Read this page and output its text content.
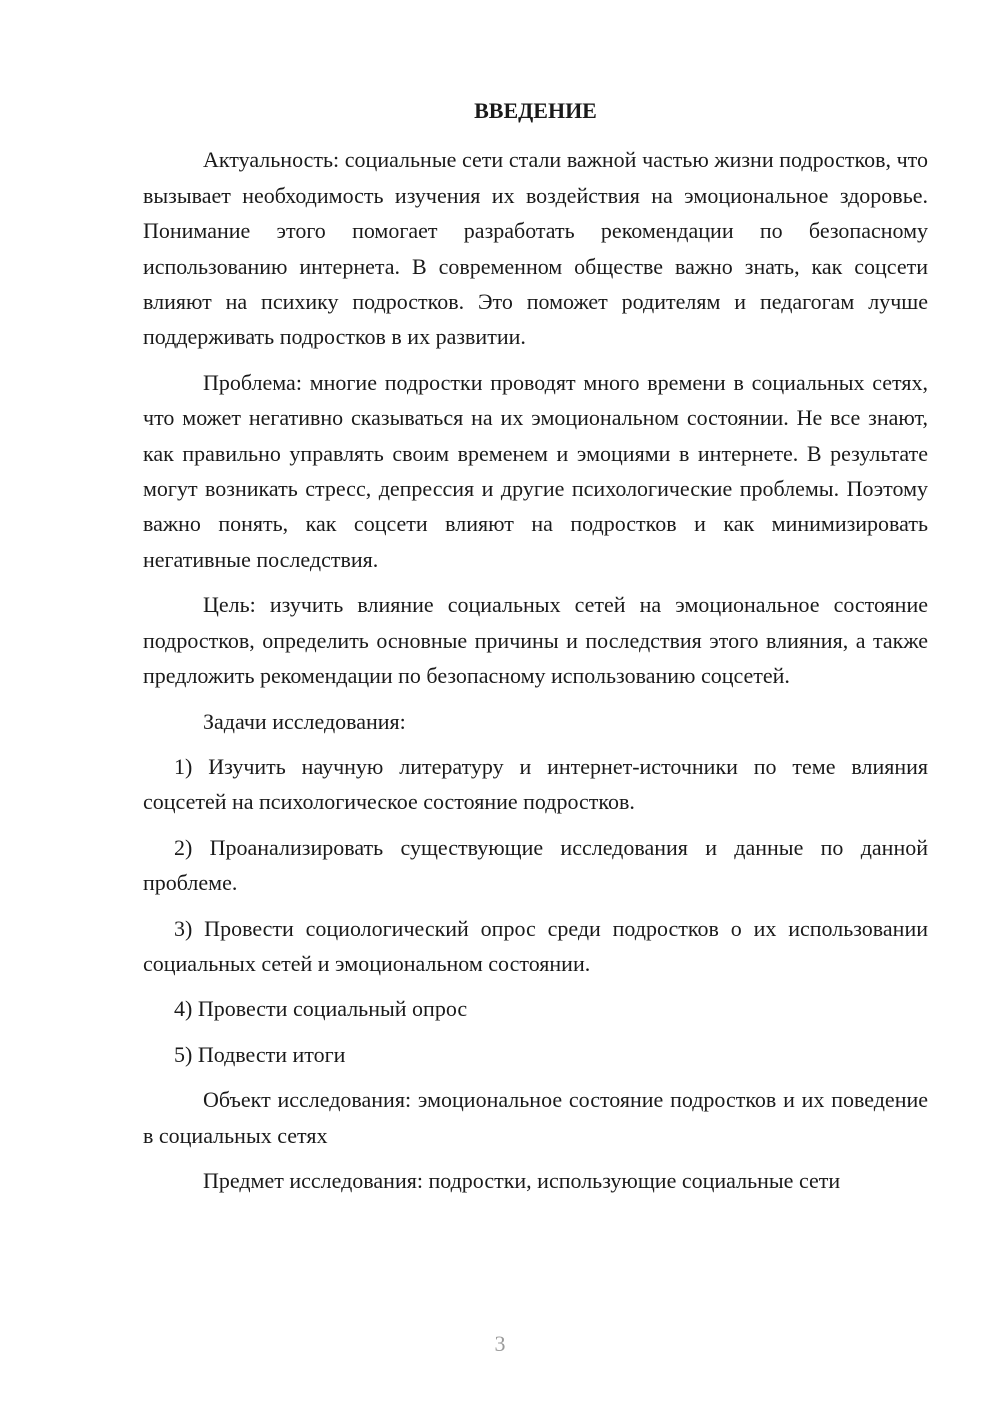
ВВЕДЕНИЕ

Актуальность: социальные сети стали важной частью жизни подростков, что вызывает необходимость изучения их воздействия на эмоциональное здоровье. Понимание этого помогает разработать рекомендации по безопасному использованию интернета. В современном обществе важно знать, как соцсети влияют на психику подростков. Это поможет родителям и педагогам лучше поддерживать подростков в их развитии.

Проблема: многие подростки проводят много времени в социальных сетях, что может негативно сказываться на их эмоциональном состоянии. Не все знают, как правильно управлять своим временем и эмоциями в интернете. В результате могут возникать стресс, депрессия и другие психологические проблемы. Поэтому важно понять, как соцсети влияют на подростков и как минимизировать негативные последствия.

Цель: изучить влияние социальных сетей на эмоциональное состояние подростков, определить основные причины и последствия этого влияния, а также предложить рекомендации по безопасному использованию соцсетей.

Задачи исследования:

1) Изучить научную литературу и интернет-источники по теме влияния соцсетей на психологическое состояние подростков.

2) Проанализировать существующие исследования и данные по данной проблеме.

3) Провести социологический опрос среди подростков о их использовании социальных сетей и эмоциональном состоянии.

4) Провести социальный опрос

5) Подвести итоги

Объект исследования: эмоциональное состояние подростков и их поведение в социальных сетях

Предмет исследования: подростки, использующие социальные сети

3
